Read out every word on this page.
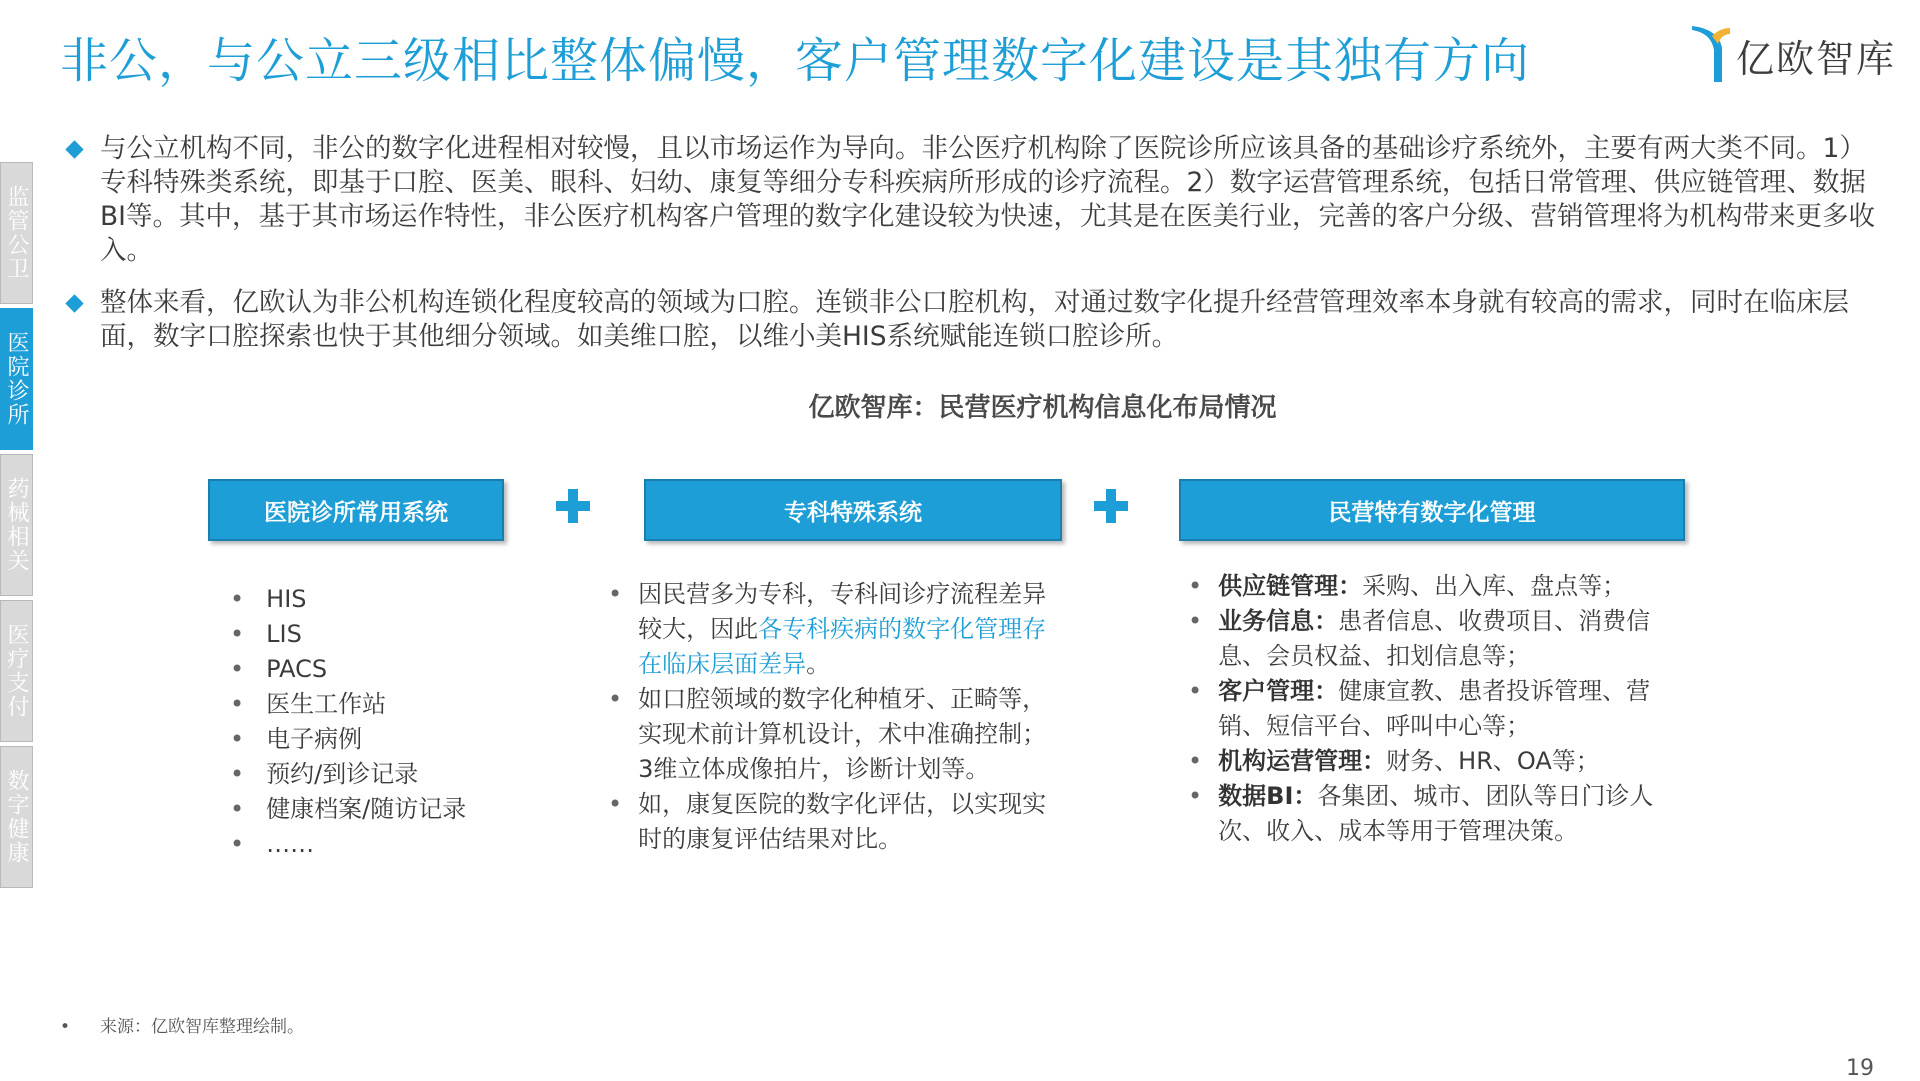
非公，与公立三级相比整体偏慢，客户管理数字化建设是其独有方向	亿欧智库
监管公卫
医院诊所
药械相关
医疗支付
数字健康
与公立机构不同，非公的数字化进程相对较慢，且以市场运作为导向。非公医疗机构除了医院诊所应该具备的基础诊疗系统外，主要有两大类不同。1）专科特殊类系统，即基于口腔、医美、眼科、妇幼、康复等细分专科疾病所形成的诊疗流程。2）数字运营管理系统，包括日常管理、供应链管理、数据BI等。其中，基于其市场运作特性，非公医疗机构客户管理的数字化建设较为快速，尤其是在医美行业，完善的客户分级、营销管理将为机构带来更多收入。
整体来看，亿欧认为非公机构连锁化程度较高的领域为口腔。连锁非公口腔机构，对通过数字化提升经营管理效率本身就有较高的需求，同时在临床层面，数字口腔探索也快于其他细分领域。如美维口腔，以维小美HIS系统赋能连锁口腔诊所。
亿欧智库：民营医疗机构信息化布局情况
医院诊所常用系统	专科特殊系统	民营特有数字化管理
• HIS
• LIS
• PACS
• 医生工作站
• 电子病例
• 预约/到诊记录
• 健康档案/随访记录
• ……
• 因民营多为专科，专科间诊疗流程差异较大，因此各专科疾病的数字化管理存在临床层面差异。
• 如口腔领域的数字化种植牙、正畸等，实现术前计算机设计，术中准确控制；3维立体成像拍片，诊断计划等。
• 如，康复医院的数字化评估，以实现实时的康复评估结果对比。
• 供应链管理：采购、出入库、盘点等；
• 业务信息：患者信息、收费项目、消费信息、会员权益、扣划信息等；
• 客户管理：健康宣教、患者投诉管理、营销、短信平台、呼叫中心等；
• 机构运营管理：财务、HR、OA等；
• 数据BI：各集团、城市、团队等日门诊人次、收入、成本等用于管理决策。
• 来源：亿欧智库整理绘制。
19
